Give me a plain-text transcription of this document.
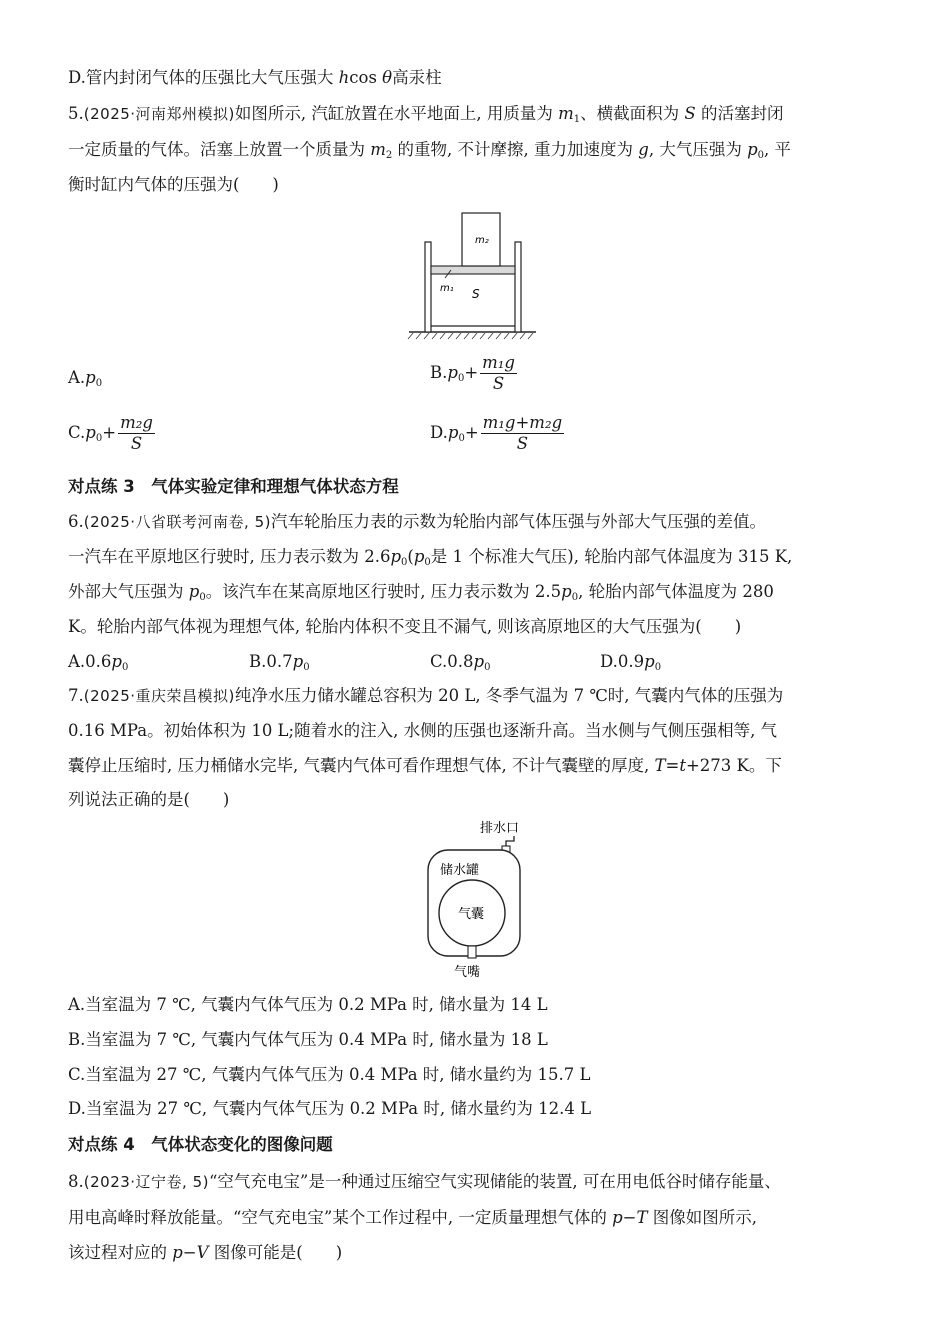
D.管内封闭气体的压强比大气压强大 hcos θ高汞柱
5.(2025·河南郑州模拟)如图所示, 汽缸放置在水平地面上, 用质量为 $m_1$、横截面积为 S 的活塞封闭
一定质量的气体。活塞上放置一个质量为 $m_2$ 的重物, 不计摩擦, 重力加速度为 g, 大气压强为 $p_0$, 平
衡时缸内气体的压强为(　　)
m₂
m₁ S
$A.p_0$
$B.p_0+ \frac{\text{m₁g}}{S}$
$C.p_0+ \frac{\text{m₂g}}{S}$	$D.p_0+ \frac{\text{m₁g+m₂g}}{S}$
对点练 3　气体实验定律和理想气体状态方程
6.(2025·八省联考河南卷, 5)汽车轮胎压力表的示数为轮胎内部气体压强与外部大气压强的差值。
一汽车在平原地区行驶时, 压力表示数为 $2.6p_0(p_0$是 1 个标准大气压), 轮胎内部气体温度为 315 K,
外部大气压强为 $p_0$。该汽车在某高原地区行驶时, 压力表示数为 $2.5p_0$, 轮胎内部气体温度为 280
K。轮胎内部气体视为理想气体, 轮胎内体积不变且不漏气, 则该高原地区的大气压强为(　　)
$A.0.6p_0$	$B.0.7p_0$	$C.0.8p_0$	$D.0.9p_0$
7.(2025·重庆荣昌模拟)纯净水压力储水罐总容积为 20 L, 冬季气温为 7 ℃时, 气囊内气体的压强为
0.16 MPa。初始体积为 10 L;随着水的注入, 水侧的压强也逐渐升高。当水侧与气侧压强相等, 气
囊停止压缩时, 压力桶储水完毕, 气囊内气体可看作理想气体, 不计气囊壁的厚度, T=t+273 K。下
列说法正确的是(　　)
排水口
储水罐
气囊
气嘴
A.当室温为 7 ℃, 气囊内气体气压为 0.2 MPa 时, 储水量为 14 L
B.当室温为 7 ℃, 气囊内气体气压为 0.4 MPa 时, 储水量为 18 L
C.当室温为 27 ℃, 气囊内气体气压为 0.4 MPa 时, 储水量约为 15.7 L
D.当室温为 27 ℃, 气囊内气体气压为 0.2 MPa 时, 储水量约为 12.4 L
对点练 4　气体状态变化的图像问题
8.(2023·辽宁卷, 5)“空气充电宝”是一种通过压缩空气实现储能的装置, 可在用电低谷时储存能量、
用电高峰时释放能量。“空气充电宝”某个工作过程中, 一定质量理想气体的 p−T 图像如图所示,
该过程对应的 p−V 图像可能是(　　)
